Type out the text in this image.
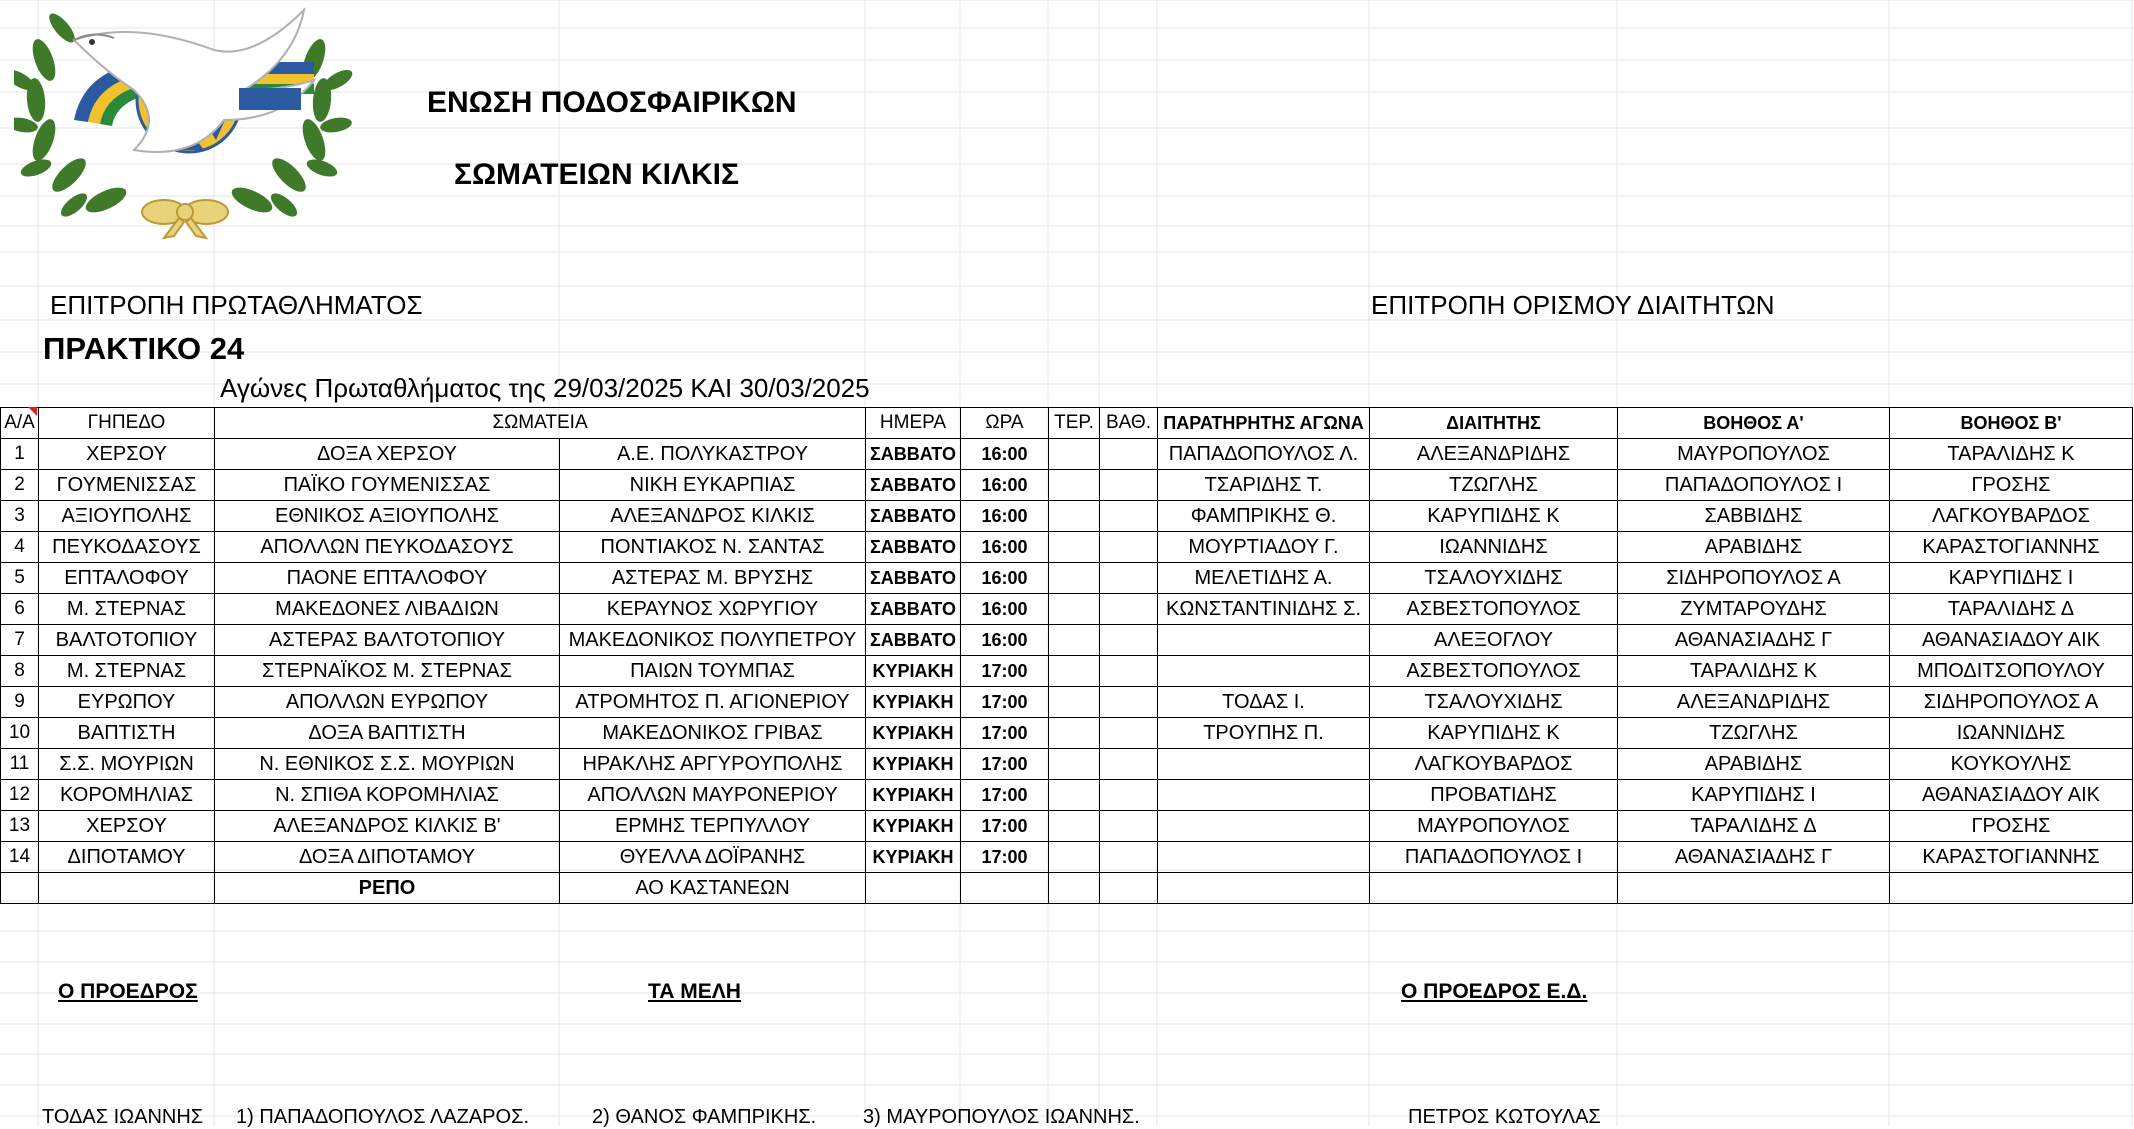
ΕΝΩΣΗ ΠΟΔΟΣΦΑΙΡΙΚΩΝ
ΣΩΜΑΤΕΙΩΝ ΚΙΛΚΙΣ
ΕΠΙΤΡΟΠΗ ΠΡΩΤΑΘΛΗΜΑΤΟΣ	ΕΠΙΤΡΟΠΗ ΟΡΙΣΜΟΥ ΔΙΑΙΤΗΤΩΝ
ΠΡΑΚΤΙΚΟ 24
Αγώνες Πρωταθλήματος της 29/03/2025 ΚΑΙ 30/03/2025
Α/Α	ΓΗΠΕΔΟ	ΣΩΜΑΤΕΙΑ		ΗΜΕΡΑ	ΩΡΑ	ΤΕΡ.	ΒΑΘ.	ΠΑΡΑΤΗΡΗΤΗΣ ΑΓΩΝΑ	ΔΙΑΙΤΗΤΗΣ	ΒΟΗΘΟΣ Α'	ΒΟΗΘΟΣ Β'
1	ΧΕΡΣΟΥ	ΔΟΞΑ ΧΕΡΣΟΥ	Α.Ε. ΠΟΛΥΚΑΣΤΡΟΥ	ΣΑΒΒΑΤΟ	16:00			ΠΑΠΑΔΟΠΟΥΛΟΣ Λ.	ΑΛΕΞΑΝΔΡΙΔΗΣ	ΜΑΥΡΟΠΟΥΛΟΣ	ΤΑΡΑΛΙΔΗΣ Κ
2	ΓΟΥΜΕΝΙΣΣΑΣ	ΠΑΪΚΟ ΓΟΥΜΕΝΙΣΣΑΣ	ΝΙΚΗ ΕΥΚΑΡΠΙΑΣ	ΣΑΒΒΑΤΟ	16:00			ΤΣΑΡΙΔΗΣ Τ.	ΤΖΩΓΛΗΣ	ΠΑΠΑΔΟΠΟΥΛΟΣ Ι	ΓΡΟΣΗΣ
3	ΑΞΙΟΥΠΟΛΗΣ	ΕΘΝΙΚΟΣ ΑΞΙΟΥΠΟΛΗΣ	ΑΛΕΞΑΝΔΡΟΣ ΚΙΛΚΙΣ	ΣΑΒΒΑΤΟ	16:00			ΦΑΜΠΡΙΚΗΣ Θ.	ΚΑΡΥΠΙΔΗΣ Κ	ΣΑΒΒΙΔΗΣ	ΛΑΓΚΟΥΒΑΡΔΟΣ
4	ΠΕΥΚΟΔΑΣΟΥΣ	ΑΠΟΛΛΩΝ ΠΕΥΚΟΔΑΣΟΥΣ	ΠΟΝΤΙΑΚΟΣ Ν. ΣΑΝΤΑΣ	ΣΑΒΒΑΤΟ	16:00			ΜΟΥΡΤΙΑΔΟΥ Γ.	ΙΩΑΝΝΙΔΗΣ	ΑΡΑΒΙΔΗΣ	ΚΑΡΑΣΤΟΓΙΑΝΝΗΣ
5	ΕΠΤΑΛΟΦΟΥ	ΠΑΟΝΕ ΕΠΤΑΛΟΦΟΥ	ΑΣΤΕΡΑΣ Μ. ΒΡΥΣΗΣ	ΣΑΒΒΑΤΟ	16:00			ΜΕΛΕΤΙΔΗΣ Α.	ΤΣΑΛΟΥΧΙΔΗΣ	ΣΙΔΗΡΟΠΟΥΛΟΣ Α	ΚΑΡΥΠΙΔΗΣ Ι
6	Μ. ΣΤΕΡΝΑΣ	ΜΑΚΕΔΟΝΕΣ ΛΙΒΑΔΙΩΝ	ΚΕΡΑΥΝΟΣ ΧΩΡΥΓΙΟΥ	ΣΑΒΒΑΤΟ	16:00			ΚΩΝΣΤΑΝΤΙΝΙΔΗΣ Σ.	ΑΣΒΕΣΤΟΠΟΥΛΟΣ	ΖΥΜΤΑΡΟΥΔΗΣ	ΤΑΡΑΛΙΔΗΣ Δ
7	ΒΑΛΤΟΤΟΠΙΟΥ	ΑΣΤΕΡΑΣ ΒΑΛΤΟΤΟΠΙΟΥ	ΜΑΚΕΔΟΝΙΚΟΣ ΠΟΛΥΠΕΤΡΟΥ	ΣΑΒΒΑΤΟ	16:00				ΑΛΕΞΟΓΛΟΥ	ΑΘΑΝΑΣΙΑΔΗΣ Γ	ΑΘΑΝΑΣΙΑΔΟΥ ΑΙΚ
8	Μ. ΣΤΕΡΝΑΣ	ΣΤΕΡΝΑΪΚΟΣ Μ. ΣΤΕΡΝΑΣ	ΠΑΙΩΝ ΤΟΥΜΠΑΣ	ΚΥΡΙΑΚΗ	17:00				ΑΣΒΕΣΤΟΠΟΥΛΟΣ	ΤΑΡΑΛΙΔΗΣ Κ	ΜΠΟΔΙΤΣΟΠΟΥΛΟΥ
9	ΕΥΡΩΠΟΥ	ΑΠΟΛΛΩΝ ΕΥΡΩΠΟΥ	ΑΤΡΟΜΗΤΟΣ Π. ΑΓΙΟΝΕΡΙΟΥ	ΚΥΡΙΑΚΗ	17:00			ΤΟΔΑΣ Ι.	ΤΣΑΛΟΥΧΙΔΗΣ	ΑΛΕΞΑΝΔΡΙΔΗΣ	ΣΙΔΗΡΟΠΟΥΛΟΣ Α
10	ΒΑΠΤΙΣΤΗ	ΔΟΞΑ ΒΑΠΤΙΣΤΗ	ΜΑΚΕΔΟΝΙΚΟΣ ΓΡΙΒΑΣ	ΚΥΡΙΑΚΗ	17:00			ΤΡΟΥΠΗΣ Π.	ΚΑΡΥΠΙΔΗΣ Κ	ΤΖΩΓΛΗΣ	ΙΩΑΝΝΙΔΗΣ
11	Σ.Σ. ΜΟΥΡΙΩΝ	Ν. ΕΘΝΙΚΟΣ Σ.Σ. ΜΟΥΡΙΩΝ	ΗΡΑΚΛΗΣ ΑΡΓΥΡΟΥΠΟΛΗΣ	ΚΥΡΙΑΚΗ	17:00				ΛΑΓΚΟΥΒΑΡΔΟΣ	ΑΡΑΒΙΔΗΣ	ΚΟΥΚΟΥΛΗΣ
12	ΚΟΡΟΜΗΛΙΑΣ	Ν. ΣΠΙΘΑ ΚΟΡΟΜΗΛΙΑΣ	ΑΠΟΛΛΩΝ ΜΑΥΡΟΝΕΡΙΟΥ	ΚΥΡΙΑΚΗ	17:00				ΠΡΟΒΑΤΙΔΗΣ	ΚΑΡΥΠΙΔΗΣ Ι	ΑΘΑΝΑΣΙΑΔΟΥ ΑΙΚ
13	ΧΕΡΣΟΥ	ΑΛΕΞΑΝΔΡΟΣ ΚΙΛΚΙΣ Β'	ΕΡΜΗΣ ΤΕΡΠΥΛΛΟΥ	ΚΥΡΙΑΚΗ	17:00				ΜΑΥΡΟΠΟΥΛΟΣ	ΤΑΡΑΛΙΔΗΣ Δ	ΓΡΟΣΗΣ
14	ΔΙΠΟΤΑΜΟΥ	ΔΟΞΑ ΔΙΠΟΤΑΜΟΥ	ΘΥΕΛΛΑ ΔΟΪΡΑΝΗΣ	ΚΥΡΙΑΚΗ	17:00				ΠΑΠΑΔΟΠΟΥΛΟΣ Ι	ΑΘΑΝΑΣΙΑΔΗΣ Γ	ΚΑΡΑΣΤΟΓΙΑΝΝΗΣ
		ΡΕΠΟ	ΑΟ ΚΑΣΤΑΝΕΩΝ								
Ο ΠΡΟΕΔΡΟΣ	ΤΑ ΜΕΛΗ	Ο ΠΡΟΕΔΡΟΣ Ε.Δ.
ΤΟΔΑΣ ΙΩΑΝΝΗΣ 1) ΠΑΠΑΔΟΠΟΥΛΟΣ ΛΑΖΑΡΟΣ.	2) ΘΑΝΟΣ ΦΑΜΠΡΙΚΗΣ. 3) ΜΑΥΡΟΠΟΥΛΟΣ ΙΩΑΝΝΗΣ.	ΠΕΤΡΟΣ ΚΩΤΟΥΛΑΣ
